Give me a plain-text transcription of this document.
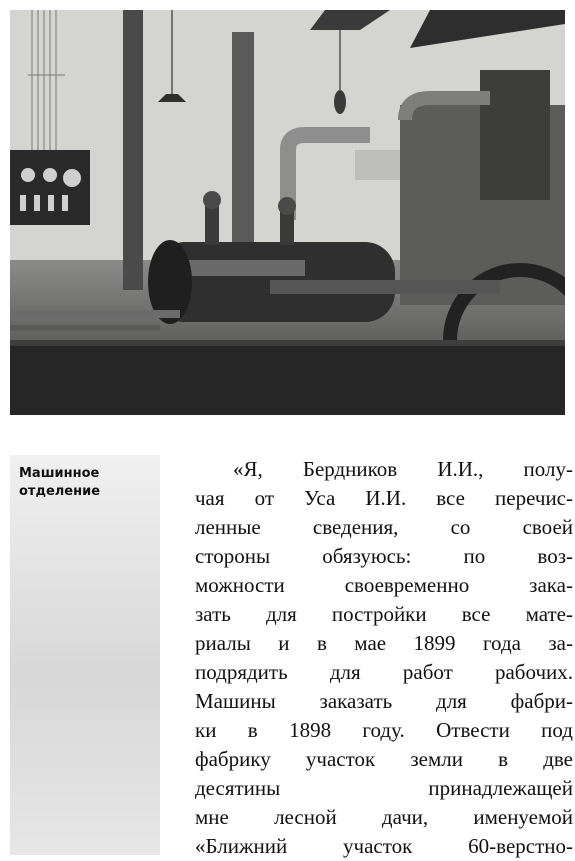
Машинное
отделение
«Я, Бердников И.И., полу-
чая от Уса И.И. все перечис-
ленные сведения, со своей
стороны обязуюсь: по воз-
можности своевременно зака-
зать для постройки все мате-
риалы и в мае 1899 года за-
подрядить для работ рабочих.
Машины заказать для фабри-
ки в 1898 году. Отвести под
фабрику участок земли в две
десятины принадлежащей
мне лесной дачи, именуемой
«Ближний участок 60-верстно-
